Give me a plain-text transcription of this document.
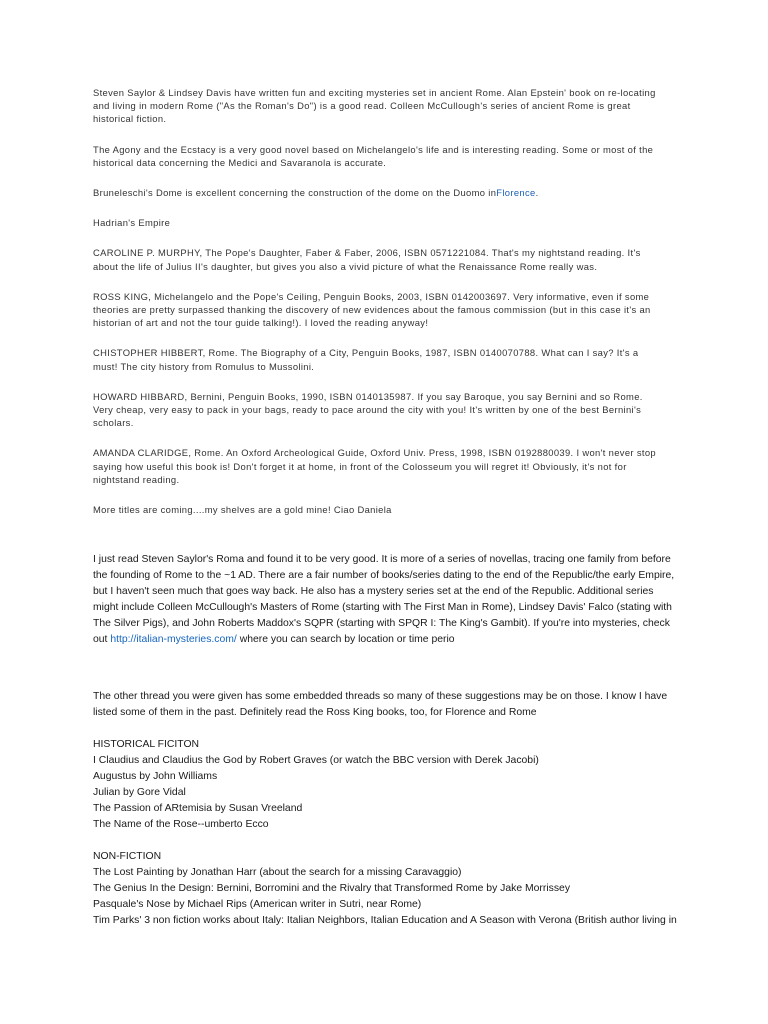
Steven Saylor & Lindsey Davis have written fun and exciting mysteries set in ancient Rome. Alan Epstein' book on re-locating
and living in modern Rome ("As the Roman's Do") is a good read. Colleen McCullough's series of ancient Rome is great
historical fiction.

The Agony and the Ecstacy is a very good novel based on Michelangelo's life and is interesting reading. Some or most of the
historical data concerning the Medici and Savaranola is accurate.

Bruneleschi's Dome is excellent concerning the construction of the dome on the Duomo inFlorence.

Hadrian's Empire

CAROLINE P. MURPHY, The Pope's Daughter, Faber & Faber, 2006, ISBN 0571221084. That's my nightstand reading. It's
about the life of Julius II's daughter, but gives you also a vivid picture of what the Renaissance Rome really was.

ROSS KING, Michelangelo and the Pope's Ceiling, Penguin Books, 2003, ISBN 0142003697. Very informative, even if some
theories are pretty surpassed thanking the discovery of new evidences about the famous commission (but in this case it's an
historian of art and not the tour guide talking!). I loved the reading anyway!

CHISTOPHER HIBBERT, Rome. The Biography of a City, Penguin Books, 1987, ISBN 0140070788. What can I say? It's a
must! The city history from Romulus to Mussolini.

HOWARD HIBBARD, Bernini, Penguin Books, 1990, ISBN 0140135987. If you say Baroque, you say Bernini and so Rome.
Very cheap, very easy to pack in your bags, ready to pace around the city with you! It's written by one of the best Bernini's
scholars.

AMANDA CLARIDGE, Rome. An Oxford Archeological Guide, Oxford Univ. Press, 1998, ISBN 0192880039. I won't never stop
saying how useful this book is! Don't forget it at home, in front of the Colosseum you will regret it! Obviously, it's not for
nightstand reading.

More titles are coming....my shelves are a gold mine! Ciao Daniela

I just read Steven Saylor's Roma and found it to be very good. It is more of a series of novellas, tracing one family from before

the founding of Rome to the ~1 AD. There are a fair number of books/series dating to the end of the Republic/the early Empire,

but I haven't seen much that goes way back. He also has a mystery series set at the end of the Republic. Additional series

might include Colleen McCullough's Masters of Rome (starting with The First Man in Rome), Lindsey Davis' Falco (stating with

The Silver Pigs), and John Roberts Maddox's SQPR (starting with SPQR I: The King's Gambit). If you're into mysteries, check

out http://italian-mysteries.com/ where you can search by location or time perio

The other thread you were given has some embedded threads so many of these suggestions may be on those. I know I have

listed some of them in the past. Definitely read the Ross King books, too, for Florence and Rome

HISTORICAL FICITON

I Claudius and Claudius the God by Robert Graves (or watch the BBC version with Derek Jacobi)

Augustus by John Williams

Julian by Gore Vidal

The Passion of ARtemisia by Susan Vreeland

The Name of the Rose--umberto Ecco

NON-FICTION

The Lost Painting by Jonathan Harr (about the search for a missing Caravaggio)

The Genius In the Design: Bernini, Borromini and the Rivalry that Transformed Rome by Jake Morrissey

Pasquale's Nose by Michael Rips (American writer in Sutri, near Rome)

Tim Parks' 3 non fiction works about Italy: Italian Neighbors, Italian Education and A Season with Verona (British author living in
